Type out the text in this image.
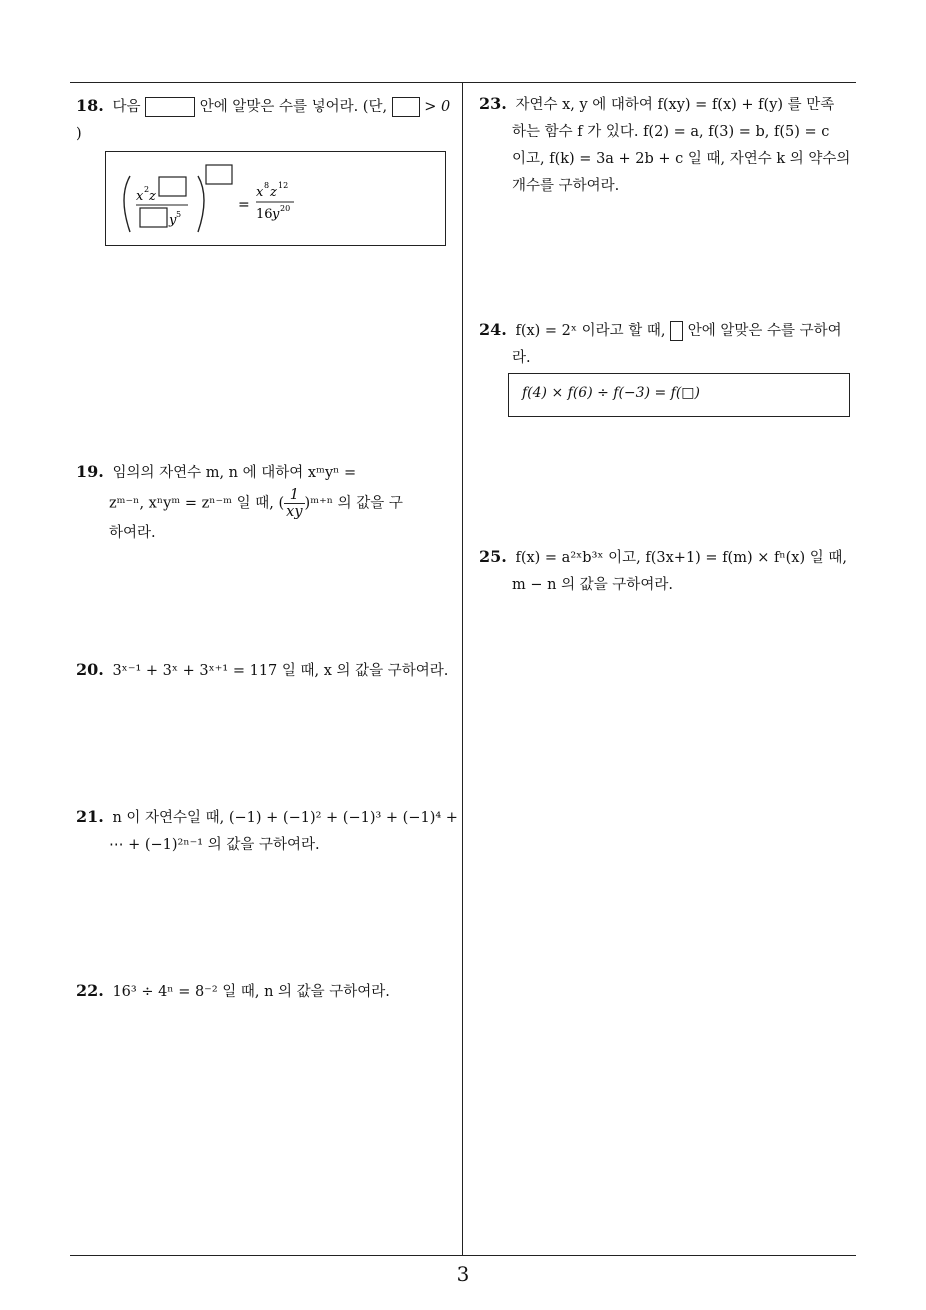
18. 다음	안에 알맞은 수를 넣어라. (단,	> 0
)
x 2 z
y 5
=
x 8 z 12
16 y 20
19. 임의의 자연수 m, n 에 대하여 xᵐyⁿ =
zᵐ⁻ⁿ, xⁿyᵐ = zⁿ⁻ᵐ 일 때, ( $\frac{1}{xy}$ )ᵐ⁺ⁿ 의 값을 구
하여라.
20. 3ˣ⁻¹ + 3ˣ + 3ˣ⁺¹ = 117 일 때, x 의 값을 구하여라.
21. n 이 자연수일 때, (−1) + (−1)² + (−1)³ + (−1)⁴ +
⋯ + (−1)²ⁿ⁻¹ 의 값을 구하여라.
22. 16³ ÷ 4ⁿ = 8⁻² 일 때, n 의 값을 구하여라.
23. 자연수 x, y 에 대하여 f(xy) = f(x) + f(y) 를 만족
하는 함수 f 가 있다. f(2) = a, f(3) = b, f(5) = c
이고, f(k) = 3a + 2b + c 일 때, 자연수 k 의 약수의
개수를 구하여라.
24. f(x) = 2ˣ 이라고 할 때, 안에 알맞은 수를 구하여
라.
f(4) × f(6) ÷ f(−3) = f(□)
25. f(x) = a²ˣb³ˣ 이고, f(3x+1) = f(m) × fⁿ(x) 일 때,
m − n 의 값을 구하여라.
3
